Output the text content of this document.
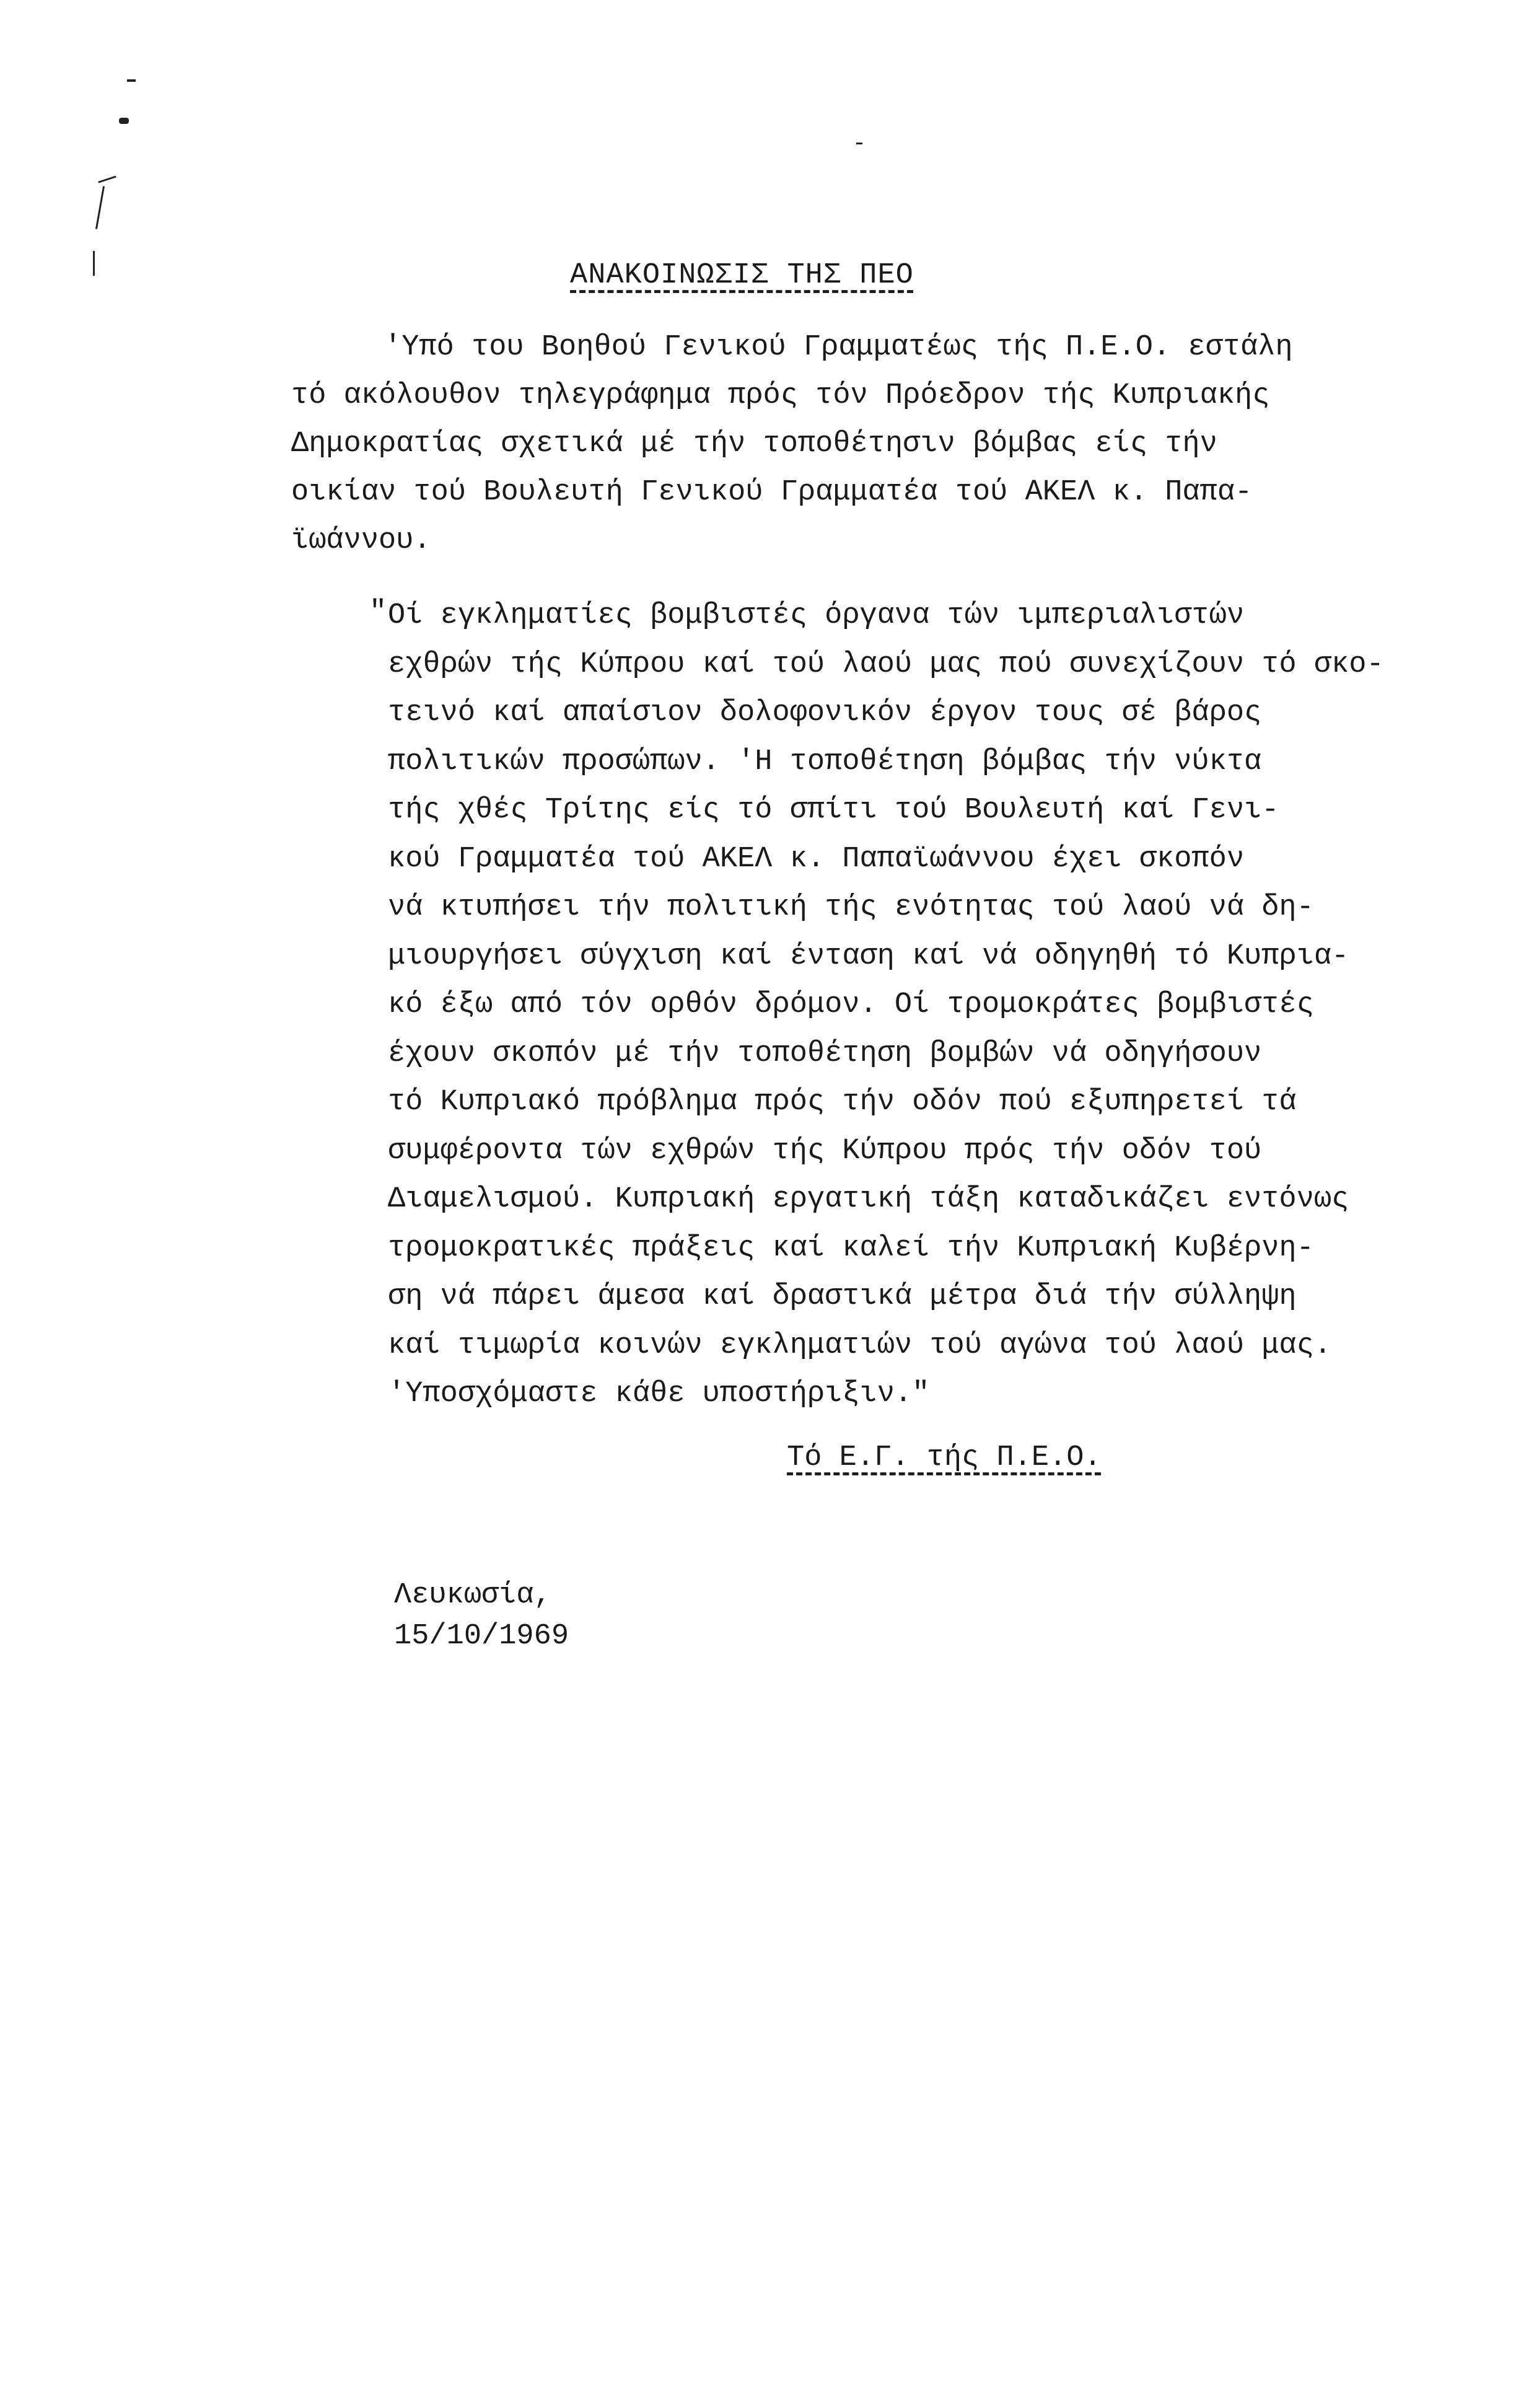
ΑΝΑΚΟΙΝΩΣΙΣ ΤΗΣ ΠΕΟ
'Υπό του Βοηθού Γενικού Γραμματέως τής Π.Ε.Ο. εστάλη
τό ακόλουθον τηλεγράφημα πρός τόν Πρόεδρον τής Κυπριακής
Δημοκρατίας σχετικά μέ τήν τοποθέτησιν βόμβας είς τήν
οικίαν τού Βουλευτή Γενικού Γραμματέα τού ΑΚΕΛ κ. Παπα-
ϊωάννου.
" Οί εγκληματίες βομβιστές όργανα τών ιμπεριαλιστών
εχθρών τής Κύπρου καί τού λαού μας πού συνεχίζουν τό σκο-
τεινό καί απαίσιον δολοφονικόν έργον τους σέ βάρος
πολιτικών προσώπων. 'Η τοποθέτηση βόμβας τήν νύκτα
τής χθές Τρίτης είς τό σπίτι τού Βουλευτή καί Γενι-
κού Γραμματέα τού ΑΚΕΛ κ. Παπαϊωάννου έχει σκοπόν
νά κτυπήσει τήν πολιτική τής ενότητας τού λαού νά δη-
μιουργήσει σύγχιση καί ένταση καί νά οδηγηθή τό Κυπρια-
κό έξω από τόν ορθόν δρόμον. Οί τρομοκράτες βομβιστές
έχουν σκοπόν μέ τήν τοποθέτηση βομβών νά οδηγήσουν
τό Κυπριακό πρόβλημα πρός τήν οδόν πού εξυπηρετεί τά
συμφέροντα τών εχθρών τής Κύπρου πρός τήν οδόν τού
Διαμελισμού. Κυπριακή εργατική τάξη καταδικάζει εντόνως
τρομοκρατικές πράξεις καί καλεί τήν Κυπριακή Κυβέρνη-
ση νά πάρει άμεσα καί δραστικά μέτρα διά τήν σύλληψη
καί τιμωρία κοινών εγκληματιών τού αγώνα τού λαού μας.
'Υποσχόμαστε κάθε υποστήριξιν."
Τό Ε.Γ. τής Π.Ε.Ο.
Λευκωσία,
15/10/1969
